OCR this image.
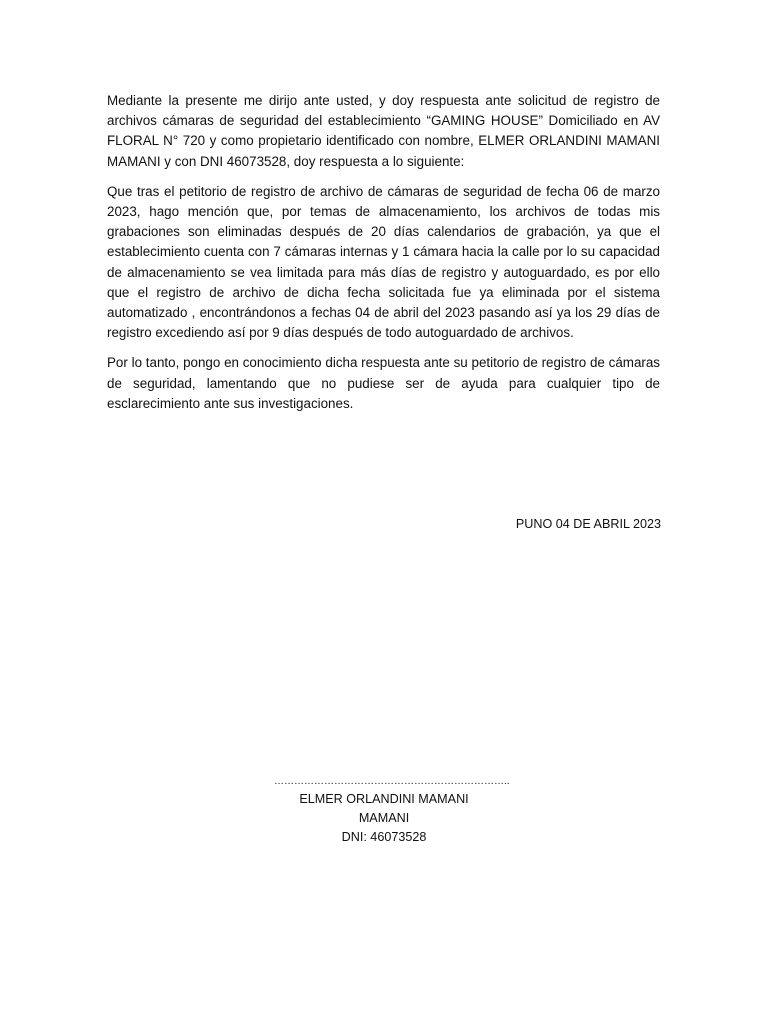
Mediante la presente me dirijo ante usted, y doy respuesta ante solicitud de registro de archivos cámaras de seguridad del establecimiento “GAMING HOUSE” Domiciliado en AV FLORAL N° 720 y como propietario identificado con nombre, ELMER ORLANDINI MAMANI MAMANI y con DNI 46073528, doy respuesta a lo siguiente:

Que tras el petitorio de registro de archivo de cámaras de seguridad de fecha 06 de marzo 2023, hago mención que, por temas de almacenamiento, los archivos de todas mis grabaciones son eliminadas después de 20 días calendarios de grabación, ya que el establecimiento cuenta con 7 cámaras internas y 1 cámara hacia la calle por lo su capacidad de almacenamiento se vea limitada para más días de registro y autoguardado, es por ello que el registro de archivo de dicha fecha solicitada fue ya eliminada por el sistema automatizado , encontrándonos a fechas 04 de abril del 2023 pasando así ya los 29 días de registro excediendo así por 9 días después de todo autoguardado de archivos.

Por lo tanto, pongo en conocimiento dicha respuesta ante su petitorio de registro de cámaras de seguridad, lamentando que no pudiese ser de ayuda para cualquier tipo de esclarecimiento ante sus investigaciones.

PUNO 04 DE ABRIL 2023
……………………………………………………………..
ELMER ORLANDINI MAMANI MAMANI
DNI: 46073528
